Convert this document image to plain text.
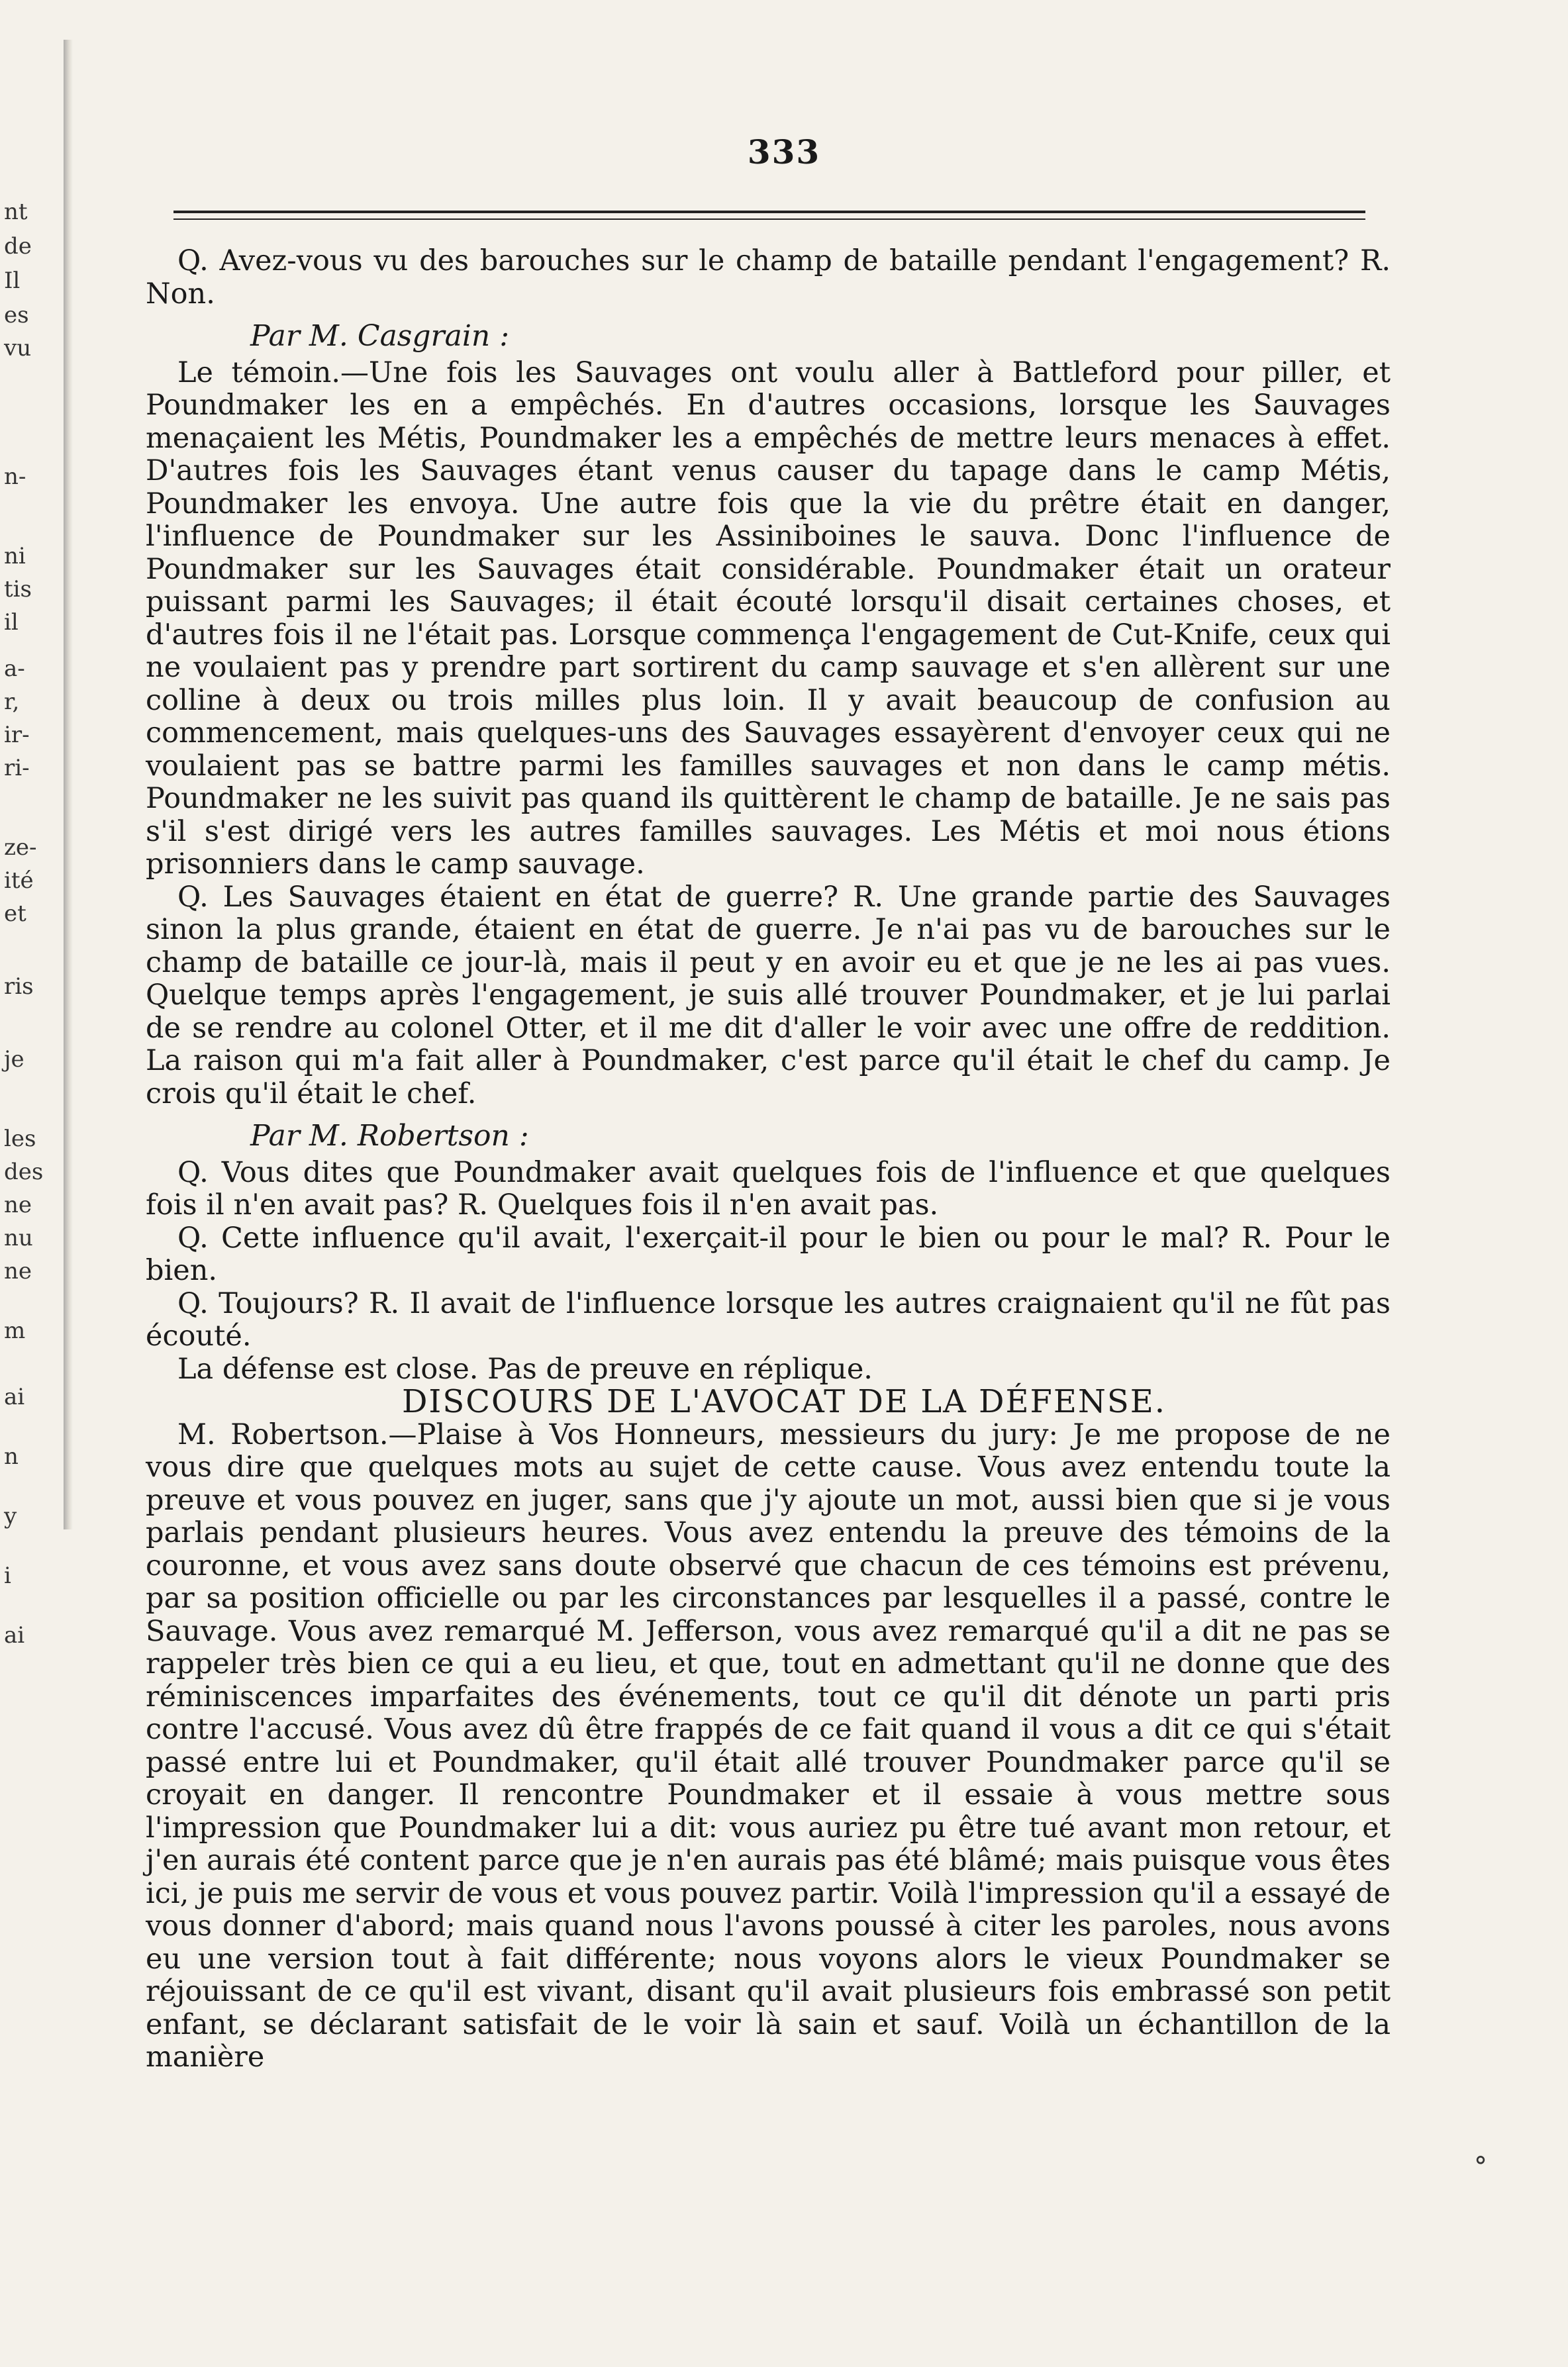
nt
de
Il
es
vu
n-
ni
tis
il
a-
r,
ir-
ri-
ze-
ité
et
ris
je
les
des
ne
nu
ne
m
ai
n
y
i
ai
333

Q. Avez-vous vu des barouches sur le champ de bataille pendant l'engagement? R. Non.

Par M. Casgrain :

Le témoin.—Une fois les Sauvages ont voulu aller à Battleford pour piller, et Poundmaker les en a empêchés. En d'autres occasions, lorsque les Sauvages menaçaient les Métis, Poundmaker les a empêchés de mettre leurs menaces à effet. D'autres fois les Sauvages étant venus causer du tapage dans le camp Métis, Poundmaker les envoya. Une autre fois que la vie du prêtre était en danger, l'influence de Poundmaker sur les Assiniboines le sauva. Donc l'influence de Poundmaker sur les Sauvages était considérable. Poundmaker était un orateur puissant parmi les Sauvages; il était écouté lorsqu'il disait certaines choses, et d'autres fois il ne l'était pas. Lorsque commença l'engagement de Cut-Knife, ceux qui ne voulaient pas y prendre part sortirent du camp sauvage et s'en allèrent sur une colline à deux ou trois milles plus loin. Il y avait beaucoup de confusion au commencement, mais quelques-uns des Sauvages essayèrent d'envoyer ceux qui ne voulaient pas se battre parmi les familles sauvages et non dans le camp métis. Poundmaker ne les suivit pas quand ils quittèrent le champ de bataille. Je ne sais pas s'il s'est dirigé vers les autres familles sauvages. Les Métis et moi nous étions prisonniers dans le camp sauvage.

Q. Les Sauvages étaient en état de guerre? R. Une grande partie des Sauvages sinon la plus grande, étaient en état de guerre. Je n'ai pas vu de barouches sur le champ de bataille ce jour-là, mais il peut y en avoir eu et que je ne les ai pas vues. Quelque temps après l'engagement, je suis allé trouver Poundmaker, et je lui parlai de se rendre au colonel Otter, et il me dit d'aller le voir avec une offre de reddition. La raison qui m'a fait aller à Poundmaker, c'est parce qu'il était le chef du camp. Je crois qu'il était le chef.

Par M. Robertson :

Q. Vous dites que Poundmaker avait quelques fois de l'influence et que quelques fois il n'en avait pas? R. Quelques fois il n'en avait pas.

Q. Cette influence qu'il avait, l'exerçait-il pour le bien ou pour le mal? R. Pour le bien.

Q. Toujours? R. Il avait de l'influence lorsque les autres craignaient qu'il ne fût pas écouté.

La défense est close. Pas de preuve en réplique.

DISCOURS DE L'AVOCAT DE LA DÉFENSE.

M. Robertson.—Plaise à Vos Honneurs, messieurs du jury: Je me propose de ne vous dire que quelques mots au sujet de cette cause. Vous avez entendu toute la preuve et vous pouvez en juger, sans que j'y ajoute un mot, aussi bien que si je vous parlais pendant plusieurs heures. Vous avez entendu la preuve des témoins de la couronne, et vous avez sans doute observé que chacun de ces témoins est prévenu, par sa position officielle ou par les circonstances par lesquelles il a passé, contre le Sauvage. Vous avez remarqué M. Jefferson, vous avez remarqué qu'il a dit ne pas se rappeler très bien ce qui a eu lieu, et que, tout en admettant qu'il ne donne que des réminiscences imparfaites des événements, tout ce qu'il dit dénote un parti pris contre l'accusé. Vous avez dû être frappés de ce fait quand il vous a dit ce qui s'était passé entre lui et Poundmaker, qu'il était allé trouver Poundmaker parce qu'il se croyait en danger. Il rencontre Poundmaker et il essaie à vous mettre sous l'impression que Poundmaker lui a dit: vous auriez pu être tué avant mon retour, et j'en aurais été content parce que je n'en aurais pas été blâmé; mais puisque vous êtes ici, je puis me servir de vous et vous pouvez partir. Voilà l'impression qu'il a essayé de vous donner d'abord; mais quand nous l'avons poussé à citer les paroles, nous avons eu une version tout à fait différente; nous voyons alors le vieux Poundmaker se réjouissant de ce qu'il est vivant, disant qu'il avait plusieurs fois embrassé son petit enfant, se déclarant satisfait de le voir là sain et sauf. Voilà un échantillon de la manière

°
